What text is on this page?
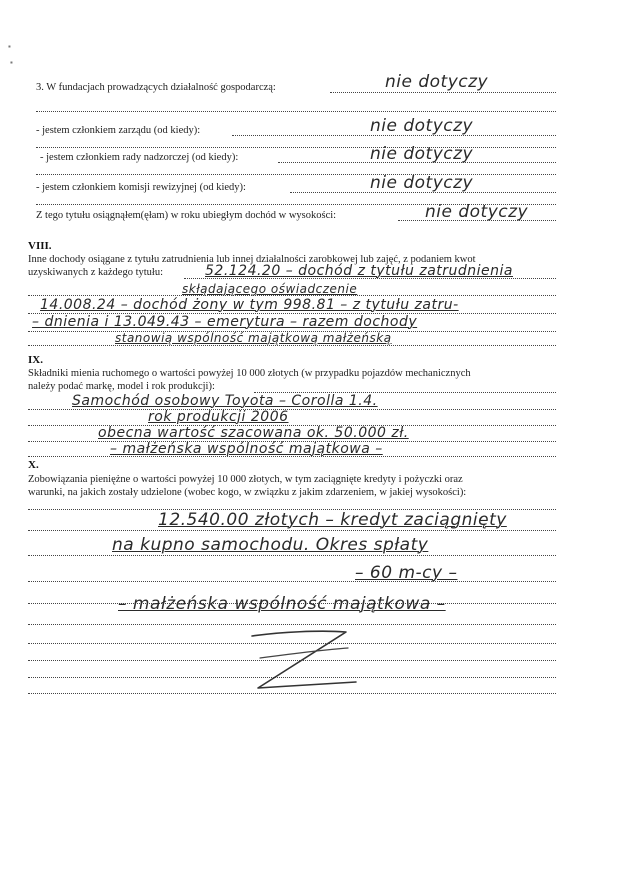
▪
▪
3. W fundacjach prowadzących działalność gospodarczą:	nie dotyczy
- jestem członkiem zarządu (od kiedy):	nie dotyczy
- jestem członkiem rady nadzorczej (od kiedy):	nie dotyczy
- jestem członkiem komisji rewizyjnej (od kiedy):	nie dotyczy
Z tego tytułu osiągnąłem(ęłam) w roku ubiegłym dochód w wysokości:	nie dotyczy
VIII.
Inne dochody osiągane z tytułu zatrudnienia lub innej działalności zarobkowej lub zajęć, z podaniem kwot
uzyskiwanych z każdego tytułu:	52.124.20 – dochód z tytułu zatrudnienia
skłądającego oświadczenie
14.008.24 – dochód żony w tym 998.81 – z tytułu zatru-
– dnienia i 13.049.43 – emerytura – razem dochody
stanowią wspólność majątkową małżeńską
IX.
Składniki mienia ruchomego o wartości powyżej 10 000 złotych (w przypadku pojazdów mechanicznych
należy podać markę, model i rok produkcji):
Samochód osobowy Toyota – Corolla 1.4.
rok produkcji 2006
obecna wartość szacowana ok. 50.000 zł.
– małżeńska wspólność majątkowa –
X.
Zobowiązania pieniężne o wartości powyżej 10 000 złotych, w tym zaciągnięte kredyty i pożyczki oraz
warunki, na jakich zostały udzielone (wobec kogo, w związku z jakim zdarzeniem, w jakiej wysokości):
12.540.00 złotych – kredyt zaciągnięty
na kupno samochodu. Okres spłaty
– 60 m-cy –
– małżeńska wspólność majątkowa –
